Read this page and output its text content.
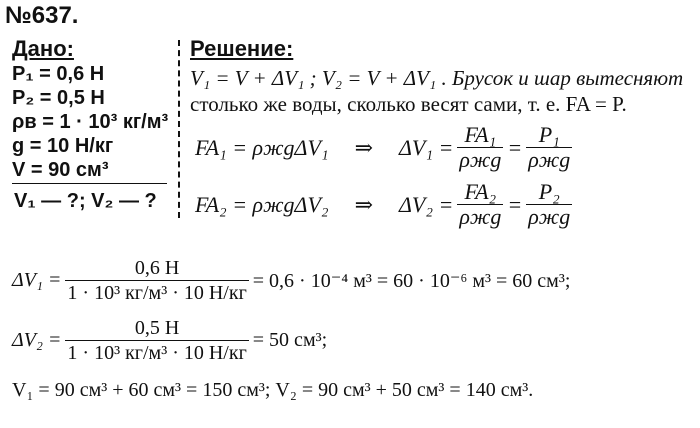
№637.
Дано:
P₁ = 0,6 Н
P₂ = 0,5 Н
ρв = 1 · 10³ кг/м³
g = 10 Н/кг
V = 90 см³
V₁ — ?; V₂ — ?
Решение:
V₁ = V + ΔV₁ ; V₂ = V + ΔV₁ . Брусок и шар вытесняют
столько же воды, сколько весят сами, т. е. FA = P.
FA₁ = ρжgΔV₁ ⇒ $\Delta V_1 = \frac{\text{FA₁}}{\text{ρжg}} = \frac{\text{P₁}}{\text{ρжg}}$
FA₂ = ρжgΔV₂ ⇒ $\Delta V_2 = \frac{\text{FA₂}}{\text{ρжg}} = \frac{\text{P₂}}{\text{ρжg}}$
$\Delta V_1 = \frac{0,6 Н}{\text{1 · 10³ кг/м³ · 10 Н/кг}} = 0,6 \cdot 10^{-4}$ м³ = 60 · 10⁻⁶ м³ = 60 см³;
$\Delta V_2 = \frac{0,5 Н}{\text{1 · 10³ кг/м³ · 10 Н/кг}} = 50$ см³;
V₁ = 90 см³ + 60 см³ = 150 см³; V₂ = 90 см³ + 50 см³ = 140 см³.
